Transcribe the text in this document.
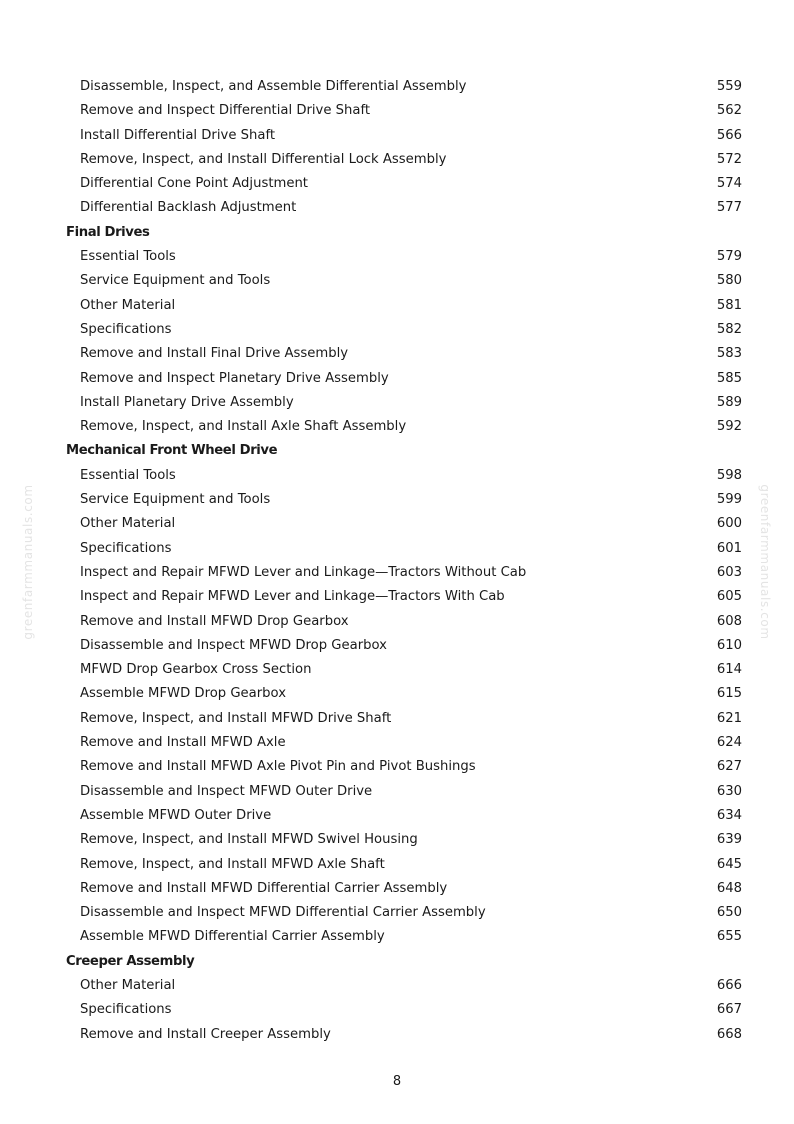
greenfarmmanuals.com	greenfarmmanuals.com
Disassemble, Inspect, and Assemble Differential Assembly	559
Remove and Inspect Differential Drive Shaft	562
Install Differential Drive Shaft	566
Remove, Inspect, and Install Differential Lock Assembly	572
Differential Cone Point Adjustment	574
Differential Backlash Adjustment	577
Final Drives
Essential Tools	579
Service Equipment and Tools	580
Other Material	581
Specifications	582
Remove and Install Final Drive Assembly	583
Remove and Inspect Planetary Drive Assembly	585
Install Planetary Drive Assembly	589
Remove, Inspect, and Install Axle Shaft Assembly	592
Mechanical Front Wheel Drive
Essential Tools	598
Service Equipment and Tools	599
Other Material	600
Specifications	601
Inspect and Repair MFWD Lever and Linkage—Tractors Without Cab	603
Inspect and Repair MFWD Lever and Linkage—Tractors With Cab	605
Remove and Install MFWD Drop Gearbox	608
Disassemble and Inspect MFWD Drop Gearbox	610
MFWD Drop Gearbox Cross Section	614
Assemble MFWD Drop Gearbox	615
Remove, Inspect, and Install MFWD Drive Shaft	621
Remove and Install MFWD Axle	624
Remove and Install MFWD Axle Pivot Pin and Pivot Bushings	627
Disassemble and Inspect MFWD Outer Drive	630
Assemble MFWD Outer Drive	634
Remove, Inspect, and Install MFWD Swivel Housing	639
Remove, Inspect, and Install MFWD Axle Shaft	645
Remove and Install MFWD Differential Carrier Assembly	648
Disassemble and Inspect MFWD Differential Carrier Assembly	650
Assemble MFWD Differential Carrier Assembly	655
Creeper Assembly
Other Material	666
Specifications	667
Remove and Install Creeper Assembly	668
8
